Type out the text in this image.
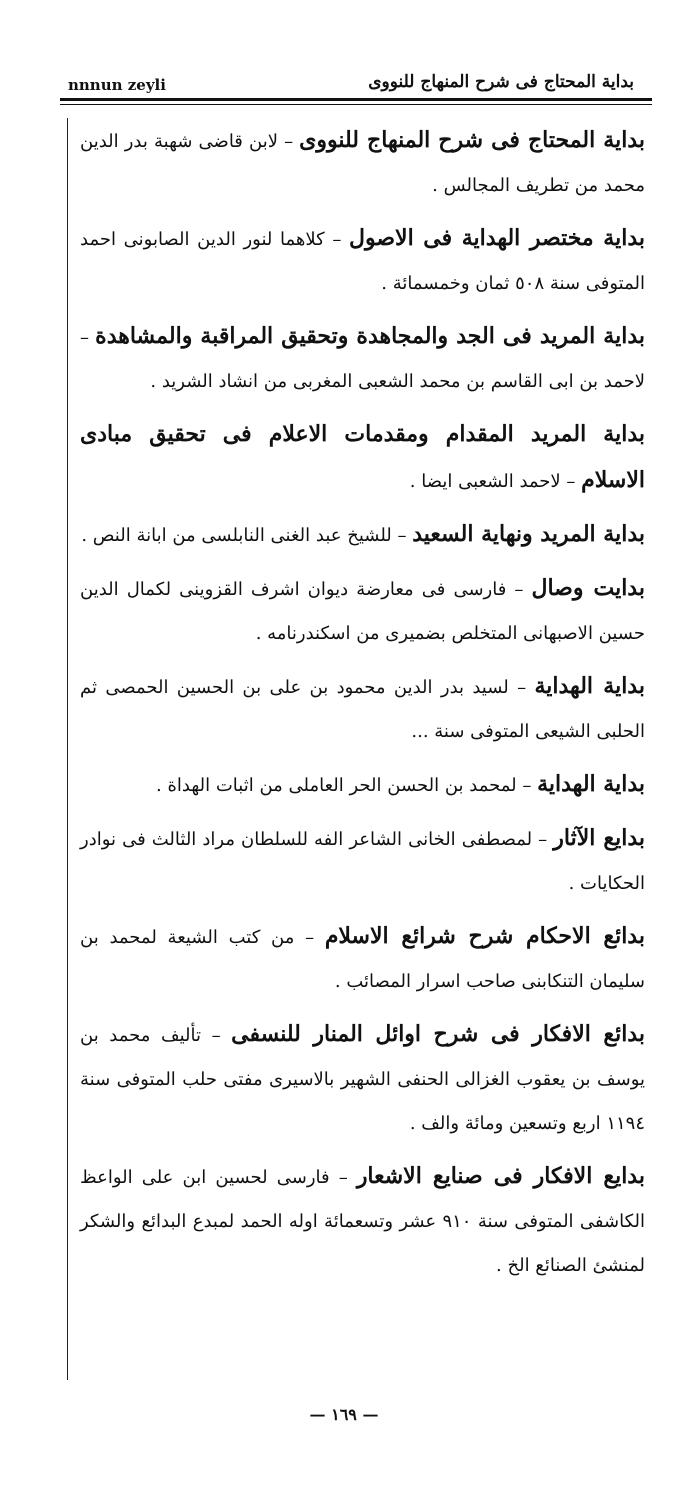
nnnun zeyli	بداية المحتاج فى شرح المنهاج للنووى

بداية المحتاج فى شرح المنهاج للنووى – لابن قاضى شهبة بدر الدين محمد من تطريف المجالس .

بداية مختصر الهداية فى الاصول – كلاهما لنور الدين الصابونى احمد المتوفى سنة ٥٠٨ ثمان وخمسمائة .

بداية المريد فى الجد والمجاهدة وتحقيق المراقبة والمشاهدة – لاحمد بن ابى القاسم بن محمد الشعبى المغربى من انشاد الشريد .

بداية المريد المقدام ومقدمات الاعلام فى تحقيق مبادى الاسلام – لاحمد الشعبى ايضا .

بداية المريد ونهاية السعيد – للشيخ عبد الغنى النابلسى من ابانة النص .

بدايت وصال – فارسى فى معارضة ديوان اشرف القزوينى لكمال الدين حسين الاصبهانى المتخلص بضميرى من اسكندرنامه .

بداية الهداية – لسيد بدر الدين محمود بن على بن الحسين الحمصى ثم الحلبى الشيعى المتوفى سنة ...

بداية الهداية – لمحمد بن الحسن الحر العاملى من اثبات الهداة .

بدايع الآثار – لمصطفى الخانى الشاعر الفه للسلطان مراد الثالث فى نوادر الحكايات .

بدائع الاحكام شرح شرائع الاسلام – من كتب الشيعة لمحمد بن سليمان التنكابنى صاحب اسرار المصائب .

بدائع الافكار فى شرح اوائل المنار للنسفى – تأليف محمد بن يوسف بن يعقوب الغزالى الحنفى الشهير بالاسيرى مفتى حلب المتوفى سنة ١١٩٤ اربع وتسعين ومائة والف .

بدايع الافكار فى صنايع الاشعار – فارسى لحسين ابن على الواعظ الكاشفى المتوفى سنة ٩١٠ عشر وتسعمائة اوله الحمد لمبدع البدائع والشكر لمنشئ الصنائع الخ .

— ١٦٩ —
